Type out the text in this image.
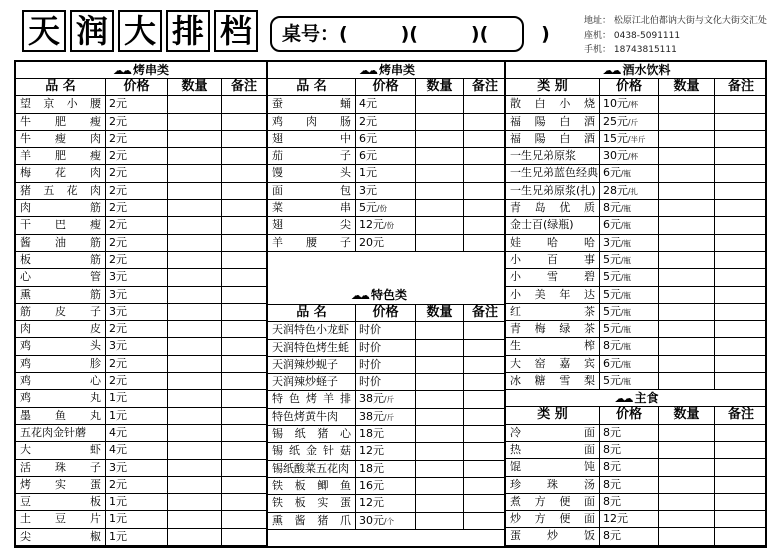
天 润 大 排 档	桌号：(        )(        )(        )
地址： 松原江北伯都讷大街与文化大街交汇处
座机： 0438-5091111
手机： 18743815111
☁☁ 烤串类
品 名	价格	数量	备注
望京小腰 2元
牛肥瘦 2元
牛瘦肉 2元
羊肥瘦 2元
梅花肉 2元
猪五花肉 2元
肉筋 2元
干巴瘦 2元
酱油筋 2元
板筋 2元
心管 3元
熏筋 3元
筋皮子 3元
肉皮 2元
鸡头 3元
鸡胗 2元
鸡心 2元
鸡丸 1元
墨鱼丸 1元
五花肉金针蘑	4元
大虾 4元
活珠子 3元
烤实蛋 2元
豆板 1元
土豆片 1元
尖椒 1元
☁☁ 烤串类
品 名	价格	数量	备注
蚕蛹 4元
鸡肉肠 2元
翅中 6元
茄子 6元
馒头 1元
面包 3元
菜串 5元/份
翅尖 12元/份
羊腰子 20元
品 名	价格	数量	备注
天润特色小龙虾 时价
天润特色烤生蚝 时价
天润辣炒蚬子	时价
天润辣炒蛏子	时价
特色烤羊排 38元/斤
特色烤黄牛肉	38元/斤
锡纸猪心 18元
锡纸金针菇 12元
锡纸酸菜五花肉 18元
铁板鲫鱼 16元
铁板实蛋 12元
熏酱猪爪 30元/个
☁☁ 特色类
☁☁ 酒水饮料
类 别	价格	数量	备注
散白小烧 10元/杯
福陽白酒 25元/斤
福陽白酒 15元/半斤
一生兄弟原浆	30元/杯
一生兄弟蓝色经典 6元/瓶
一生兄弟原浆(扎) 28元/扎
青岛优质 8元/瓶
金士百(绿瓶)	6元/瓶
娃哈哈 3元/瓶
小百事 5元/瓶
小雪碧 5元/瓶
小美年达 5元/瓶
红茶 5元/瓶
青梅绿茶 5元/瓶
生榨 8元/瓶
大窑嘉宾 6元/瓶
冰糖雪梨 5元/瓶
☁☁ 主食
类 别	价格	数量	备注
冷面 8元
热面 8元
馄饨 8元
珍珠汤 8元
煮方便面 8元
炒方便面 12元
蛋炒饭 8元
